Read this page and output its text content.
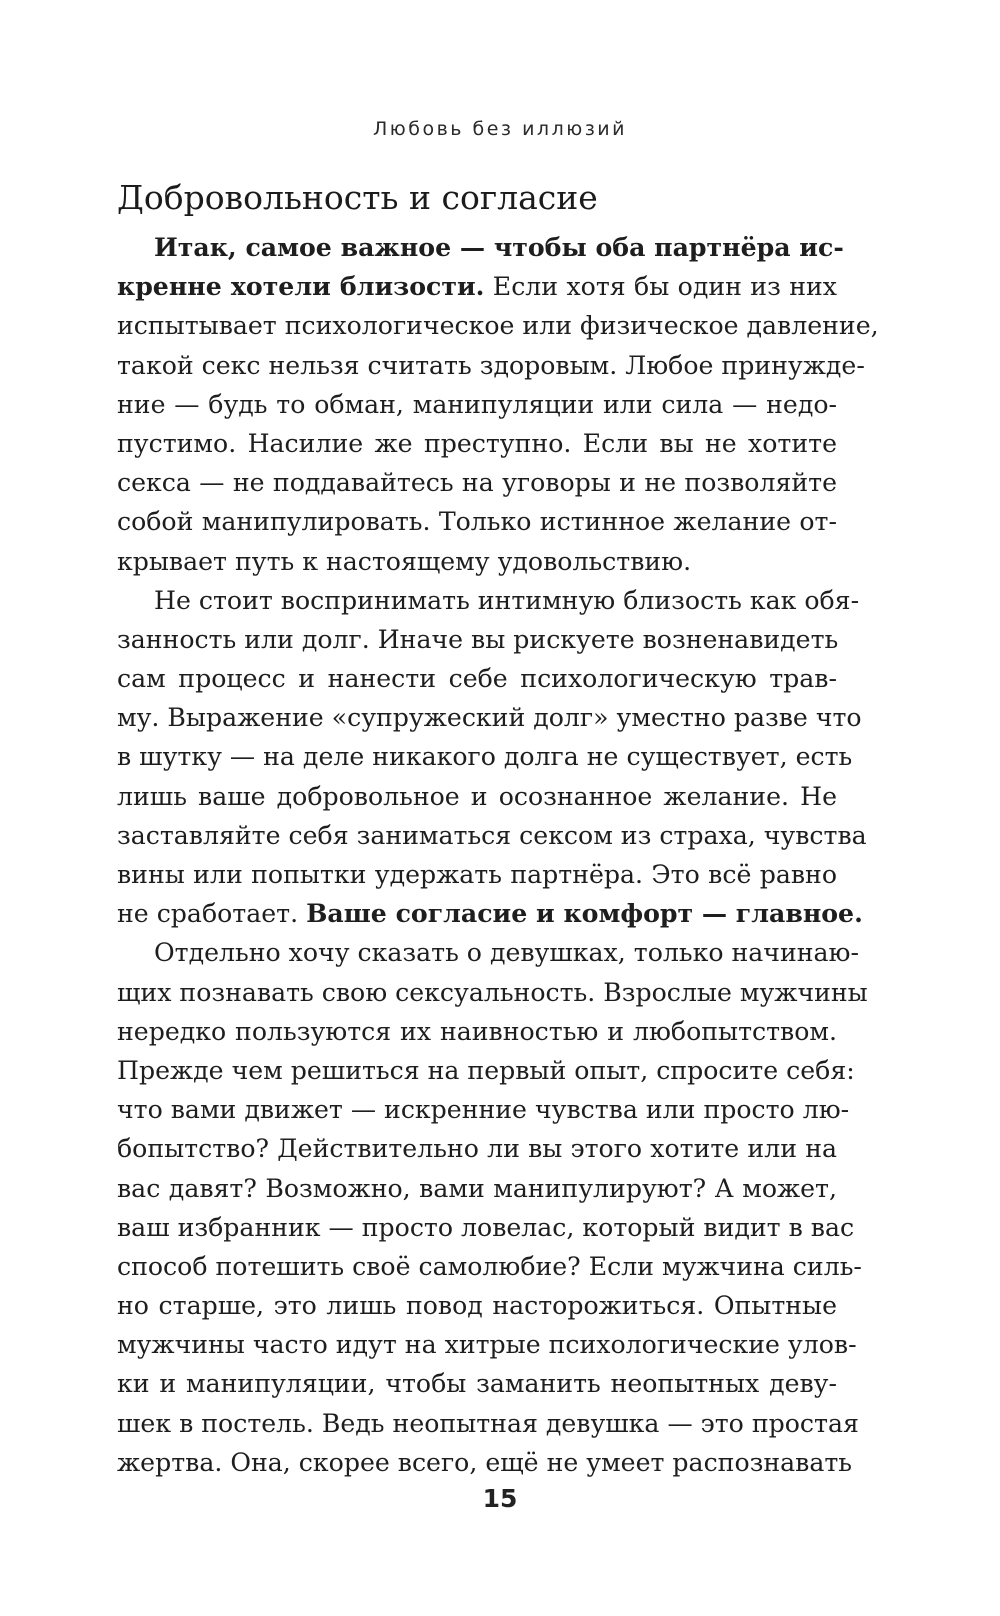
Любовь без иллюзий
Добровольность и согласие
Итак, самое важное — чтобы оба партнёра ис-
кренне хотели близости. Если хотя бы один из них
испытывает психологическое или физическое давление,
такой секс нельзя считать здоровым. Любое принужде-
ние — будь то обман, манипуляции или сила — недо-
пустимо. Насилие же преступно. Если вы не хотите
секса — не поддавайтесь на уговоры и не позволяйте
собой манипулировать. Только истинное желание от-
крывает путь к настоящему удовольствию.
Не стоит воспринимать интимную близость как обя-
занность или долг. Иначе вы рискуете возненавидеть
сам процесс и нанести себе психологическую трав-
му. Выражение «супружеский долг» уместно разве что
в шутку — на деле никакого долга не существует, есть
лишь ваше добровольное и осознанное желание. Не
заставляйте себя заниматься сексом из страха, чувства
вины или попытки удержать партнёра. Это всё равно
не сработает. Ваше согласие и комфорт — главное.
Отдельно хочу сказать о девушках, только начинаю-
щих познавать свою сексуальность. Взрослые мужчины
нередко пользуются их наивностью и любопытством.
Прежде чем решиться на первый опыт, спросите себя:
что вами движет — искренние чувства или просто лю-
бопытство? Действительно ли вы этого хотите или на
вас давят? Возможно, вами манипулируют? А может,
ваш избранник — просто ловелас, который видит в вас
способ потешить своё самолюбие? Если мужчина силь-
но старше, это лишь повод насторожиться. Опытные
мужчины часто идут на хитрые психологические улов-
ки и манипуляции, чтобы заманить неопытных деву-
шек в постель. Ведь неопытная девушка — это простая
жертва. Она, скорее всего, ещё не умеет распознавать
15
